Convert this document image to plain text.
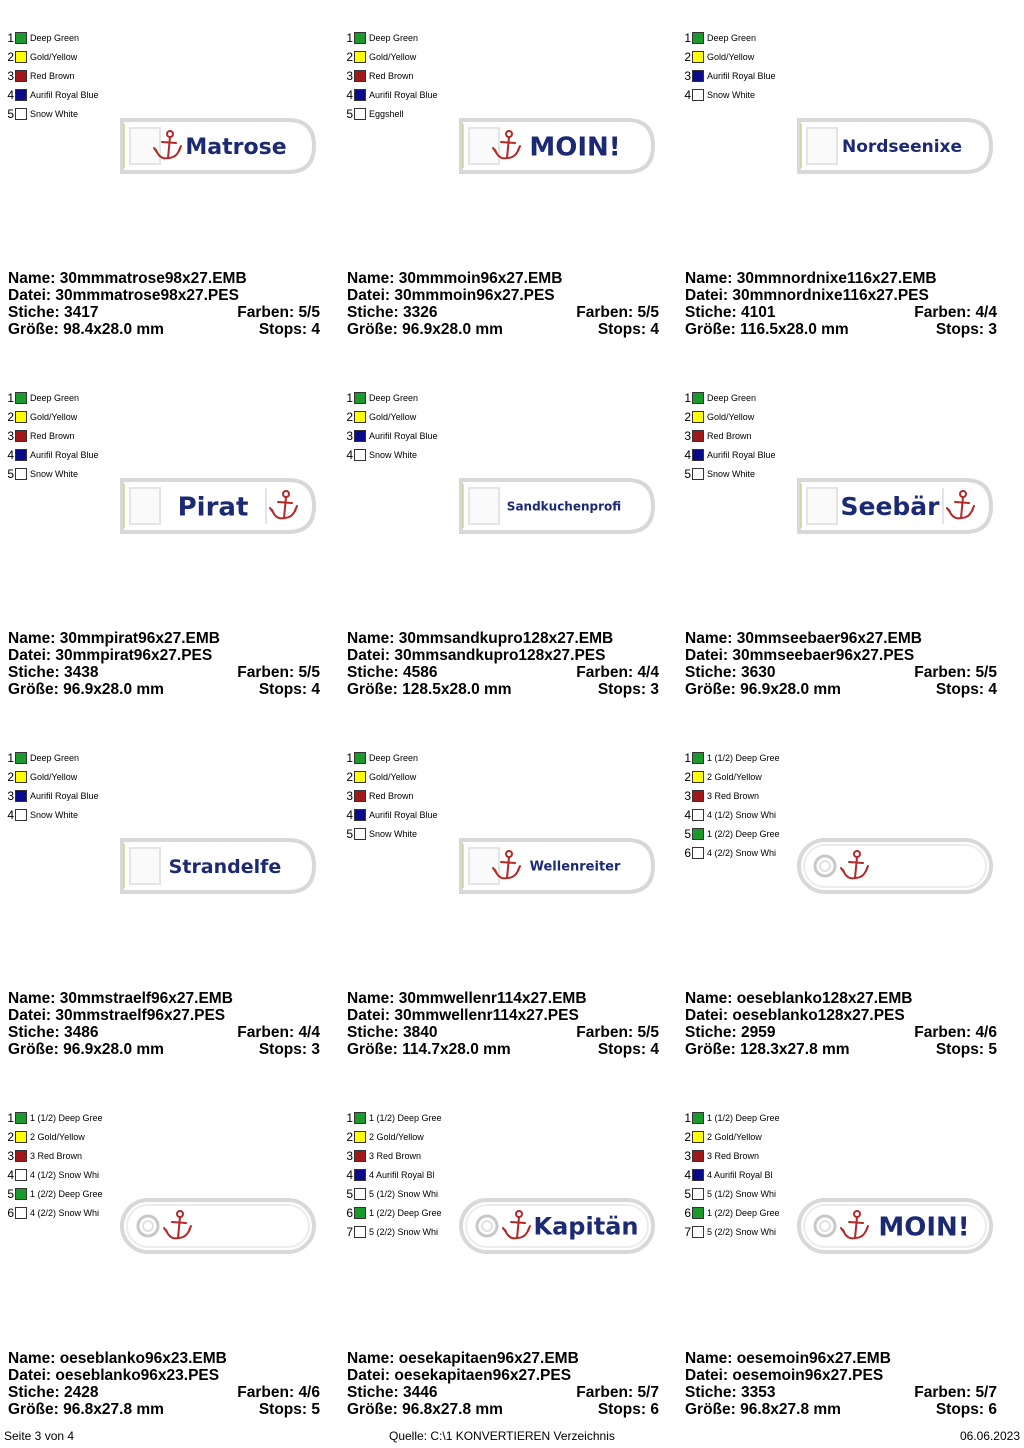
1 Deep Green
2 Gold/Yellow
3 Red Brown
4 Aurifil Royal Blue
5 Snow White
Matrose
Name: 30mmmatrose98x27.EMB
Datei: 30mmmatrose98x27.PES
Stiche: 3417	Farben: 5/5
Größe: 98.4x28.0 mm	Stops: 4
1 Deep Green
2 Gold/Yellow
3 Red Brown
4 Aurifil Royal Blue
5 Eggshell
MOIN!
Name: 30mmmoin96x27.EMB
Datei: 30mmmoin96x27.PES
Stiche: 3326	Farben: 5/5
Größe: 96.9x28.0 mm	Stops: 4
1 Deep Green
2 Gold/Yellow
3 Aurifil Royal Blue
4 Snow White
Nordseenixe
Name: 30mmnordnixe116x27.EMB
Datei: 30mmnordnixe116x27.PES
Stiche: 4101	Farben: 4/4
Größe: 116.5x28.0 mm	Stops: 3
1 Deep Green
2 Gold/Yellow
3 Red Brown
4 Aurifil Royal Blue
5 Snow White
Pirat
Name: 30mmpirat96x27.EMB
Datei: 30mmpirat96x27.PES
Stiche: 3438	Farben: 5/5
Größe: 96.9x28.0 mm	Stops: 4
1 Deep Green
2 Gold/Yellow
3 Aurifil Royal Blue
4 Snow White
Sandkuchenprofi
Name: 30mmsandkupro128x27.EMB
Datei: 30mmsandkupro128x27.PES
Stiche: 4586	Farben: 4/4
Größe: 128.5x28.0 mm	Stops: 3
1 Deep Green
2 Gold/Yellow
3 Red Brown
4 Aurifil Royal Blue
5 Snow White
Seebär
Name: 30mmseebaer96x27.EMB
Datei: 30mmseebaer96x27.PES
Stiche: 3630	Farben: 5/5
Größe: 96.9x28.0 mm	Stops: 4
1 Deep Green
2 Gold/Yellow
3 Aurifil Royal Blue
4 Snow White
Strandelfe
Name: 30mmstraelf96x27.EMB
Datei: 30mmstraelf96x27.PES
Stiche: 3486	Farben: 4/4
Größe: 96.9x28.0 mm	Stops: 3
1 Deep Green
2 Gold/Yellow
3 Red Brown
4 Aurifil Royal Blue
5 Snow White
Wellenreiter
Name: 30mmwellenr114x27.EMB
Datei: 30mmwellenr114x27.PES
Stiche: 3840	Farben: 5/5
Größe: 114.7x28.0 mm	Stops: 4
1 1 (1/2) Deep Gree
2 2 Gold/Yellow
3 3 Red Brown
4 4 (1/2) Snow Whi
5 1 (2/2) Deep Gree
6 4 (2/2) Snow Whi
Name: oeseblanko128x27.EMB
Datei: oeseblanko128x27.PES
Stiche: 2959	Farben: 4/6
Größe: 128.3x27.8 mm	Stops: 5
1 1 (1/2) Deep Gree
2 2 Gold/Yellow
3 3 Red Brown
4 4 (1/2) Snow Whi
5 1 (2/2) Deep Gree
6 4 (2/2) Snow Whi
Name: oeseblanko96x23.EMB
Datei: oeseblanko96x23.PES
Stiche: 2428	Farben: 4/6
Größe: 96.8x27.8 mm	Stops: 5
1 1 (1/2) Deep Gree
2 2 Gold/Yellow
3 3 Red Brown
4 4 Aurifil Royal Bl
5 5 (1/2) Snow Whi
6 1 (2/2) Deep Gree
7 5 (2/2) Snow Whi	Kapitän
Name: oesekapitaen96x27.EMB
Datei: oesekapitaen96x27.PES
Stiche: 3446	Farben: 5/7
Größe: 96.8x27.8 mm	Stops: 6
1 1 (1/2) Deep Gree
2 2 Gold/Yellow
3 3 Red Brown
4 4 Aurifil Royal Bl
5 5 (1/2) Snow Whi
6 1 (2/2) Deep Gree
7 5 (2/2) Snow Whi	MOIN!
Name: oesemoin96x27.EMB
Datei: oesemoin96x27.PES
Stiche: 3353	Farben: 5/7
Größe: 96.8x27.8 mm	Stops: 6
Seite 3 von 4	Quelle: C:\1 KONVERTIEREN Verzeichnis	06.06.2023
